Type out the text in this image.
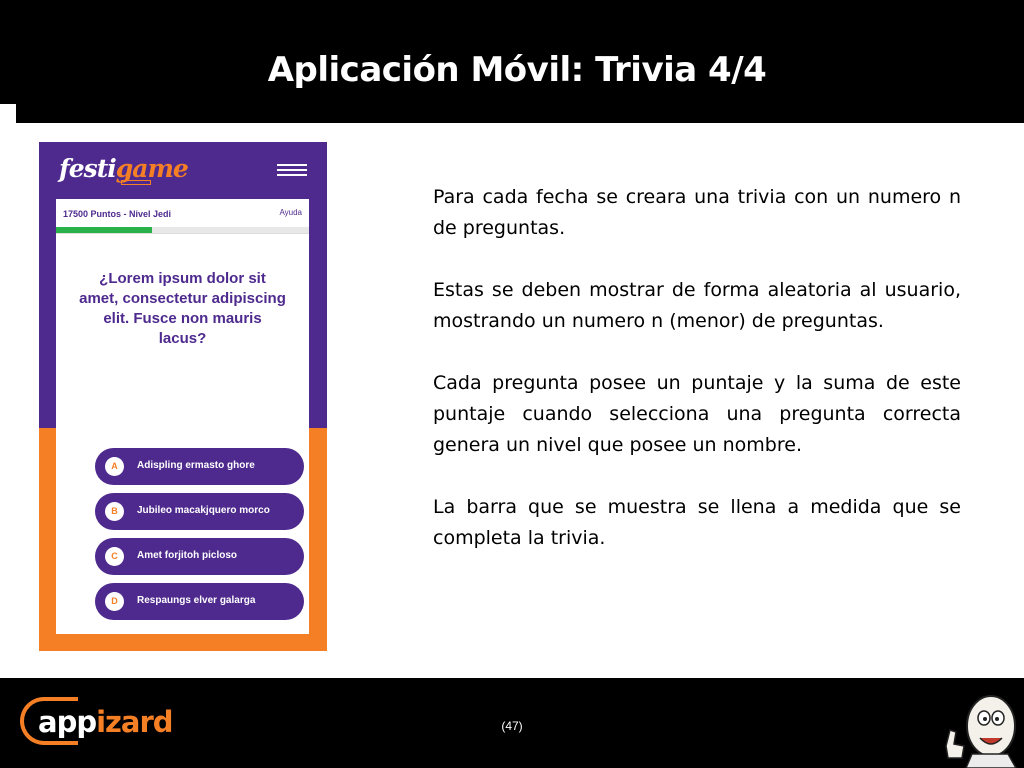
Aplicación Móvil: Trivia 4/4
festigame
17500 Puntos - Nivel Jedi	Ayuda
¿Lorem ipsum dolor sit amet, consectetur adipiscing elit. Fusce non mauris lacus?
A	Adispling ermasto ghore
B	Jubileo macakjquero morco
C	Amet forjitoh picloso
D	Respaungs elver galarga

Para cada fecha se creara una trivia con un numero n de preguntas.

Estas se deben mostrar de forma aleatoria al usuario, mostrando un numero n (menor) de preguntas.

Cada pregunta posee un puntaje y la suma de este puntaje cuando selecciona una pregunta correcta genera un nivel que posee un nombre.

La barra que se muestra se llena a medida que se completa la trivia.

appizard	(47)
